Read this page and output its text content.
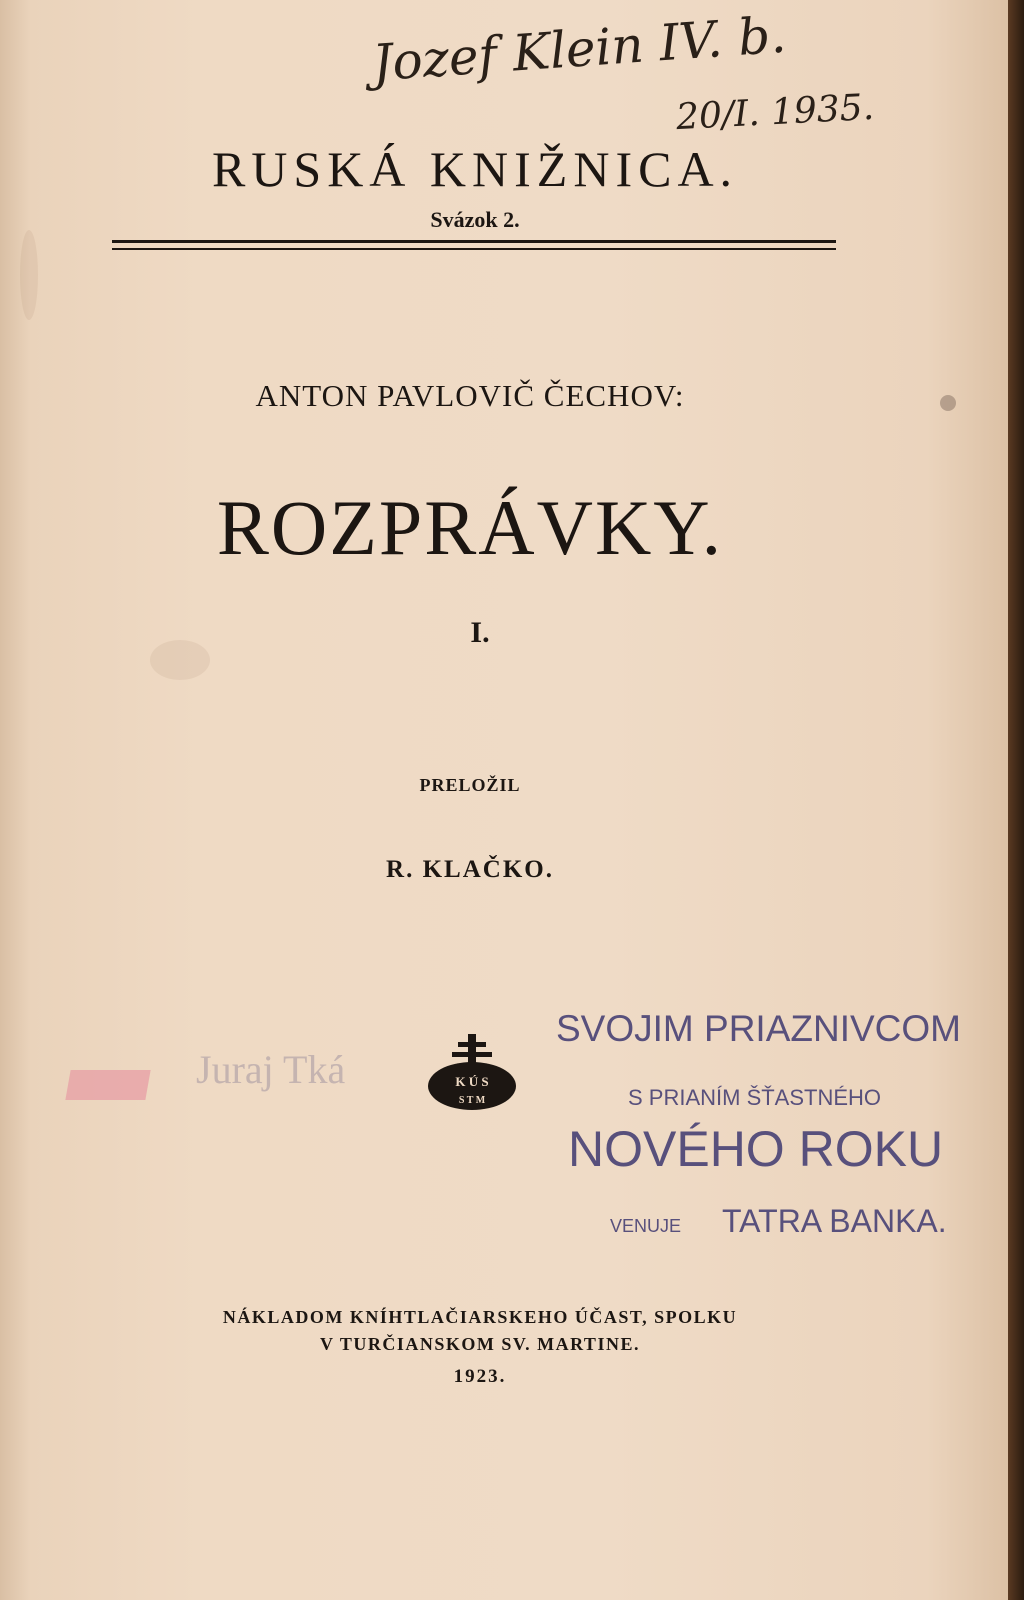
Jozef Klein IV. b.
20/I. 1935.
RUSKÁ KNIŽNICA.
Svázok 2.
ANTON PAVLOVIČ ČECHOV:
ROZPRÁVKY.
I.
PRELOŽIL
R. KLAČKO.
Juraj Tká	K Ú S
S T M
SVOJIM PRIAZNIVCOM
S PRIANÍM ŠŤASTNÉHO
NOVÉHO ROKU
VENUJE TATRA BANKA.
NÁKLADOM KNÍHTLAČIARSKEHO ÚČAST, SPOLKU
V TURČIANSKOM SV. MARTINE.
1923.
